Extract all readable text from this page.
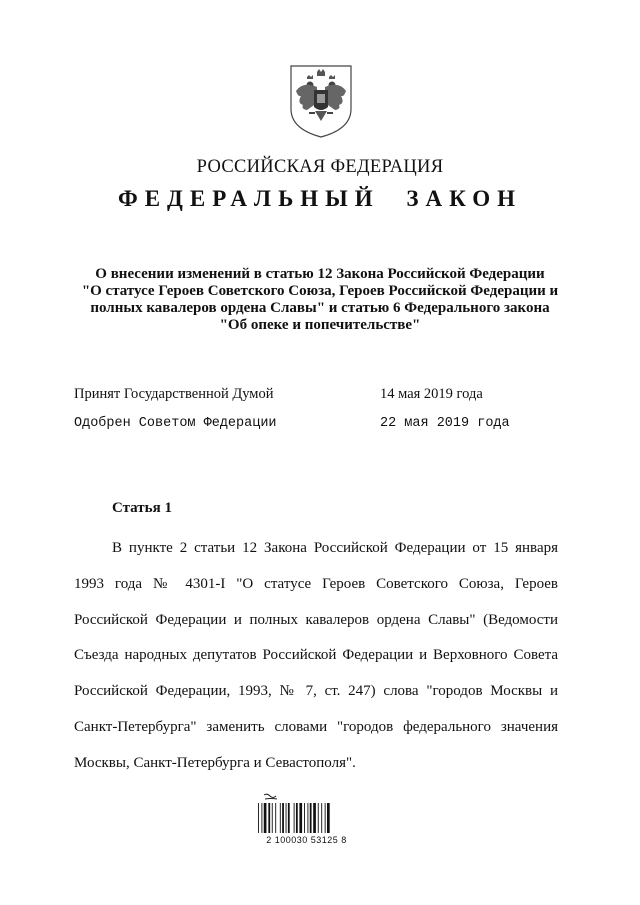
РОССИЙСКАЯ ФЕДЕРАЦИЯ
ФЕДЕРАЛЬНЫЙ ЗАКОН
О внесении изменений в статью 12 Закона Российской Федерации
"О статусе Героев Советского Союза, Героев Российской Федерации и
полных кавалеров ордена Славы" и статью 6 Федерального закона
"Об опеке и попечительстве"
Принят Государственной Думой	14 мая 2019 года
Одобрен Советом Федерации	22 мая 2019 года
Статья 1

В пункте 2 статьи 12 Закона Российской Федерации от 15 января 1993 года № 4301-I "О статусе Героев Советского Союза, Героев Российской Федерации и полных кавалеров ордена Славы" (Ведомости Съезда народных депутатов Российской Федерации и Верховного Совета Российской Федерации, 1993, № 7, ст. 247) слова "городов Москвы и Санкт-Петербурга" заменить словами "городов федерального значения Москвы, Санкт-Петербурга и Севастополя".

2 100030 53125 8
